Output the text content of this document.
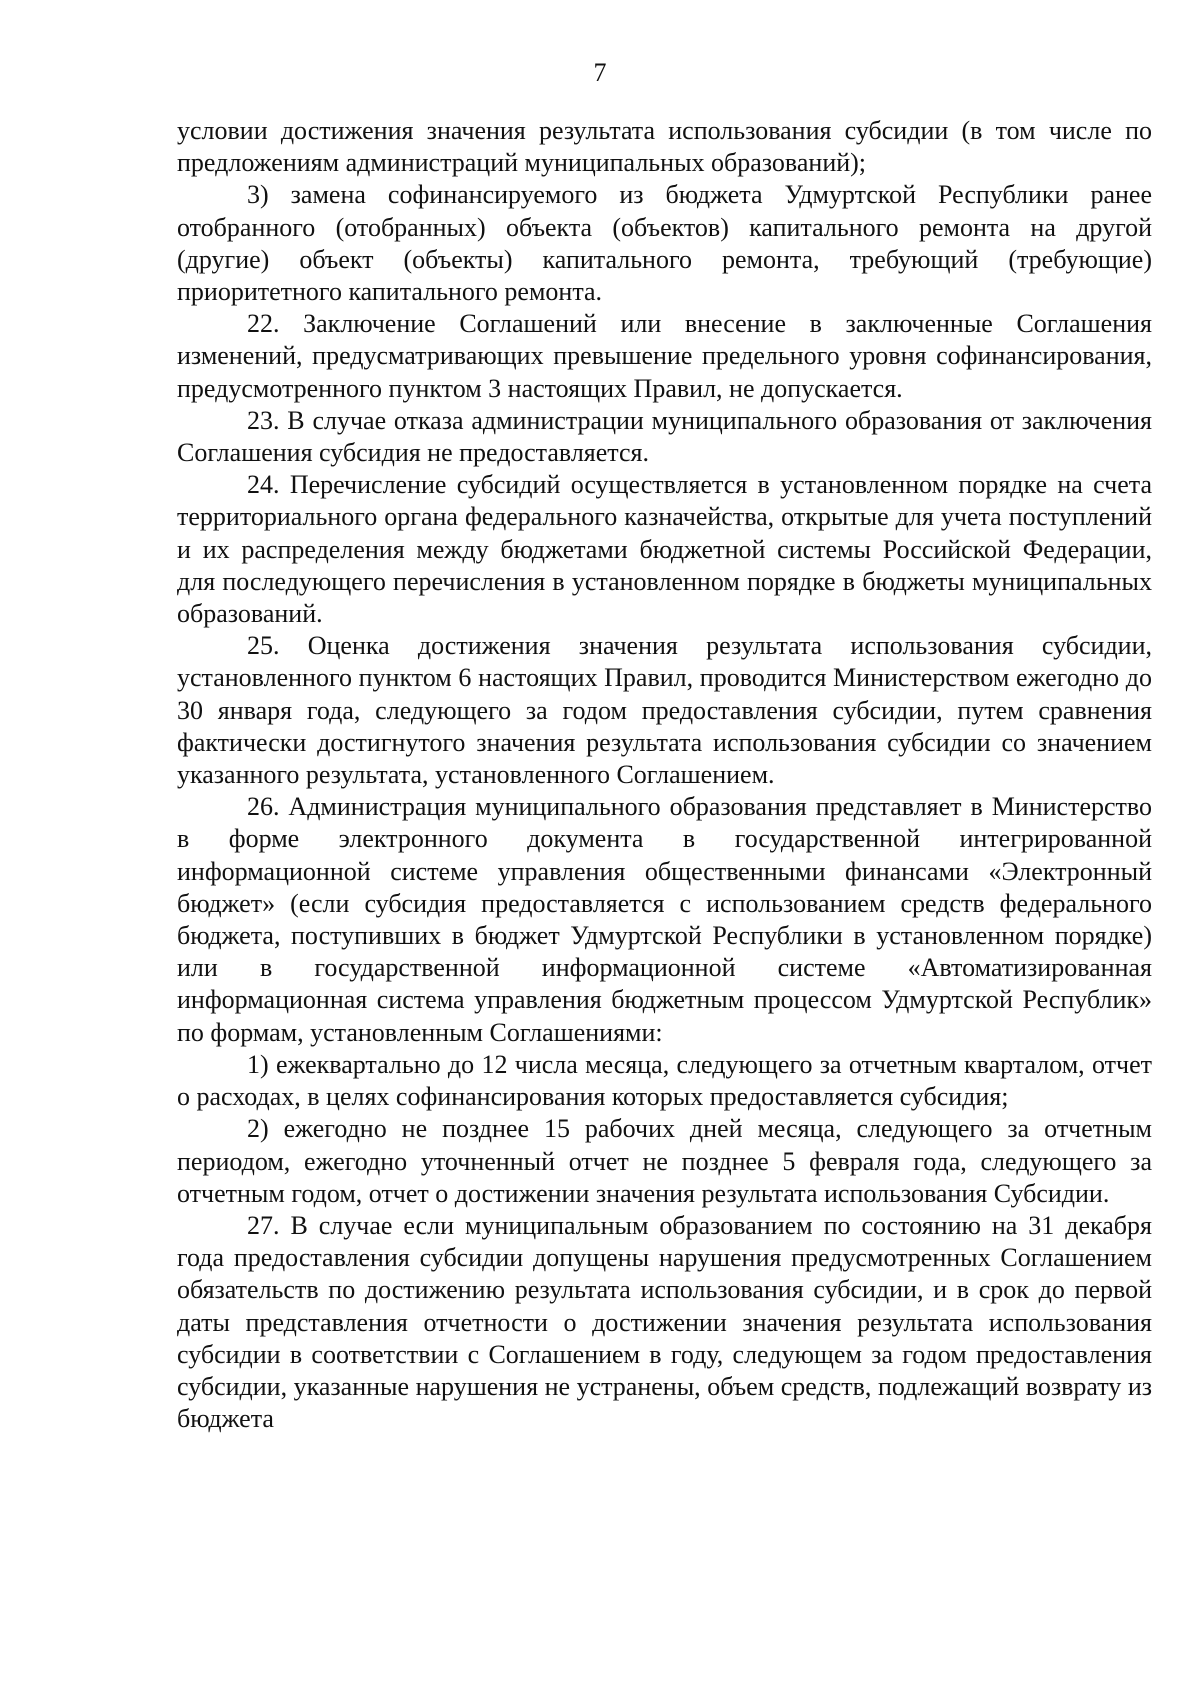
7

условии достижения значения результата использования субсидии (в том числе по предложениям администраций муниципальных образований);

3) замена софинансируемого из бюджета Удмуртской Республики ранее отобранного (отобранных) объекта (объектов) капитального ремонта на другой (другие) объект (объекты) капитального ремонта, требующий (требующие) приоритетного капитального ремонта.

22. Заключение Соглашений или внесение в заключенные Соглашения изменений, предусматривающих превышение предельного уровня софинансирования, предусмотренного пунктом 3 настоящих Правил, не допускается.

23. В случае отказа администрации муниципального образования от заключения Соглашения субсидия не предоставляется.

24. Перечисление субсидий осуществляется в установленном порядке на счета территориального органа федерального казначейства, открытые для учета поступлений и их распределения между бюджетами бюджетной системы Российской Федерации, для последующего перечисления в установленном порядке в бюджеты муниципальных образований.

25. Оценка достижения значения результата использования субсидии, установленного пунктом 6 настоящих Правил, проводится Министерством ежегодно до 30 января года, следующего за годом предоставления субсидии, путем сравнения фактически достигнутого значения результата использования субсидии со значением указанного результата, установленного Соглашением.

26. Администрация муниципального образования представляет в Министерство в форме электронного документа в государственной интегрированной информационной системе управления общественными финансами «Электронный бюджет» (если субсидия предоставляется с использованием средств федерального бюджета, поступивших в бюджет Удмуртской Республики в установленном порядке) или в государственной информационной системе «Автоматизированная информационная система управления бюджетным процессом Удмуртской Республик» по формам, установленным Соглашениями:

1) ежеквартально до 12 числа месяца, следующего за отчетным кварталом, отчет о расходах, в целях софинансирования которых предоставляется субсидия;

2) ежегодно не позднее 15 рабочих дней месяца, следующего за отчетным периодом, ежегодно уточненный отчет не позднее 5 февраля года, следующего за отчетным годом, отчет о достижении значения результата использования Субсидии.

27. В случае если муниципальным образованием по состоянию на 31 декабря года предоставления субсидии допущены нарушения предусмотренных Соглашением обязательств по достижению результата использования субсидии, и в срок до первой даты представления отчетности о достижении значения результата использования субсидии в соответствии с Соглашением в году, следующем за годом предоставления субсидии, указанные нарушения не устранены, объем средств, подлежащий возврату из бюджета
